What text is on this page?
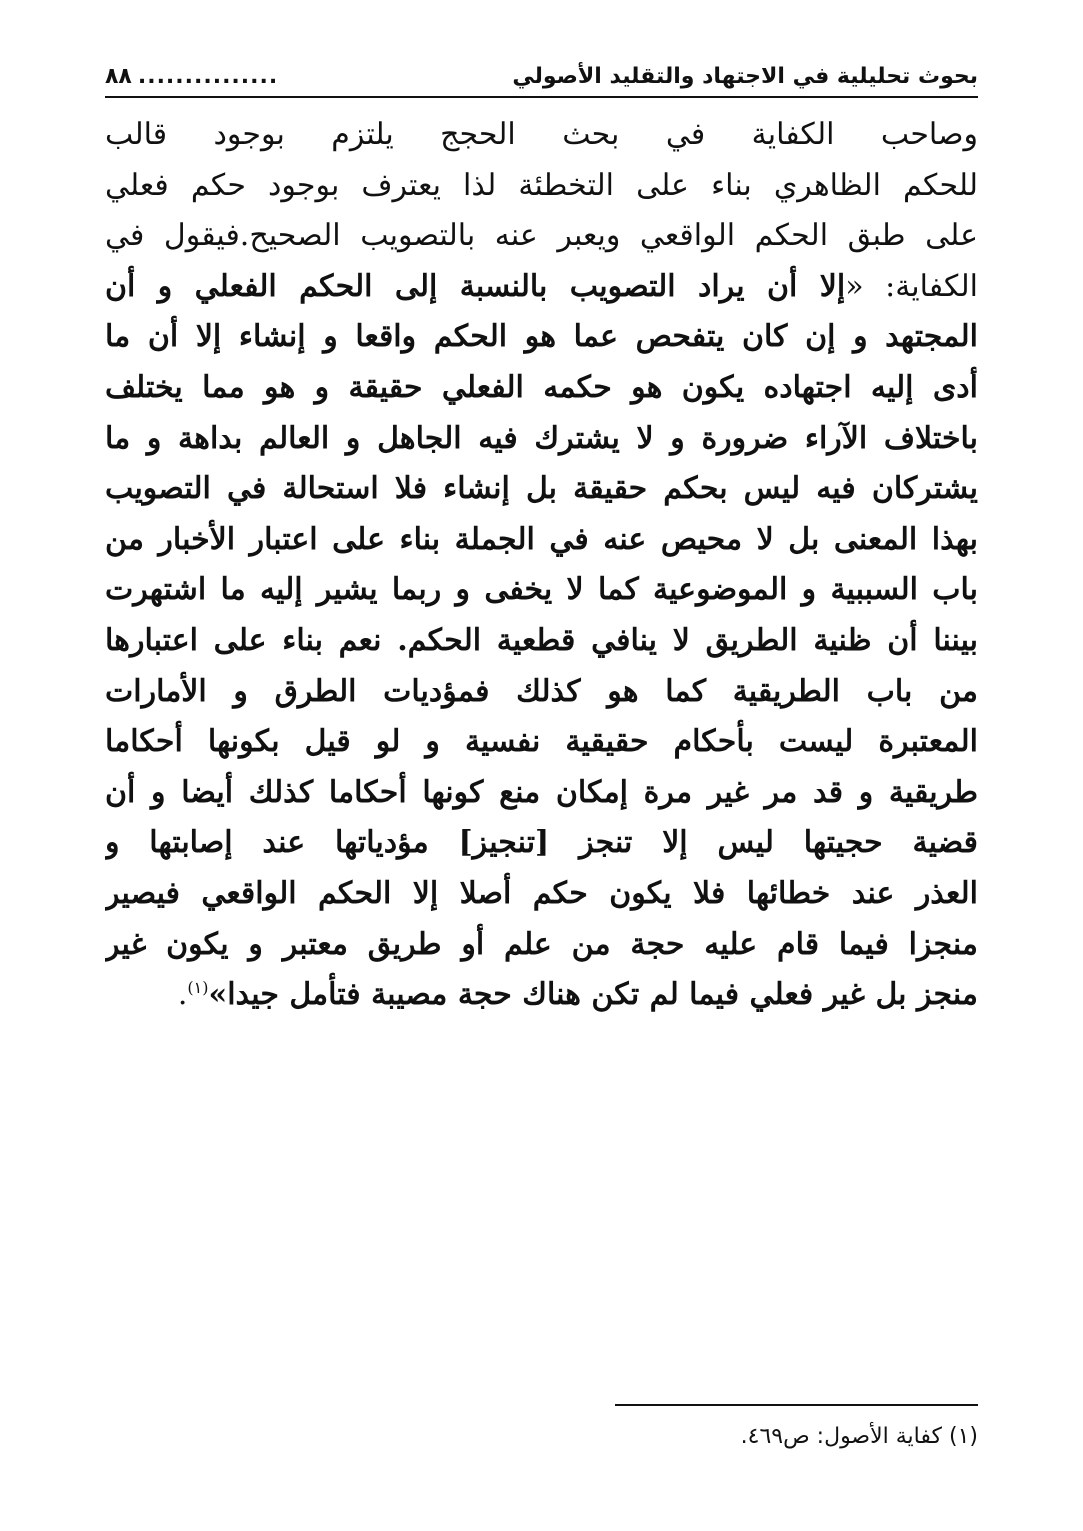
بحوث تحليلية في الاجتهاد والتقليد الأصولي
...............
٨٨
وصاحب الكفاية في بحث الحجج يلتزم بوجود قالب
للحكم الظاهري بناء على التخطئة لذا يعترف بوجود حكم فعلي
على طبق الحكم الواقعي ويعبر عنه بالتصويب الصحيح.فيقول في
الكفاية: «إلا أن يراد التصويب بالنسبة إلى الحكم الفعلي و أن
المجتهد و إن كان يتفحص عما هو الحكم واقعا و إنشاء إلا أن ما
أدى إليه اجتهاده يكون هو حكمه الفعلي حقيقة و هو مما يختلف
باختلاف الآراء ضرورة و لا يشترك فيه الجاهل و العالم بداهة و ما
يشتركان فيه ليس بحكم حقيقة بل إنشاء فلا استحالة في التصويب
بهذا المعنى بل لا محيص عنه في الجملة بناء على اعتبار الأخبار من
باب السببية و الموضوعية كما لا يخفى و ربما يشير إليه ما اشتهرت
بيننا أن ظنية الطريق لا ينافي قطعية الحكم. نعم بناء على اعتبارها
من باب الطريقية كما هو كذلك فمؤديات الطرق و الأمارات
المعتبرة ليست بأحكام حقيقية نفسية و لو قيل بكونها أحكاما
طريقية و قد مر غير مرة إمكان منع كونها أحكاما كذلك أيضا و أن
قضية حجيتها ليس إلا تنجز [تنجيز] مؤدياتها عند إصابتها و
العذر عند خطائها فلا يكون حكم أصلا إلا الحكم الواقعي فيصير
منجزا فيما قام عليه حجة من علم أو طريق معتبر و يكون غير
منجز بل غير فعلي فيما لم تكن هناك حجة مصيبة فتأمل جيدا»$^{(١)}$.
(١) كفاية الأصول: ص٤٦٩.
